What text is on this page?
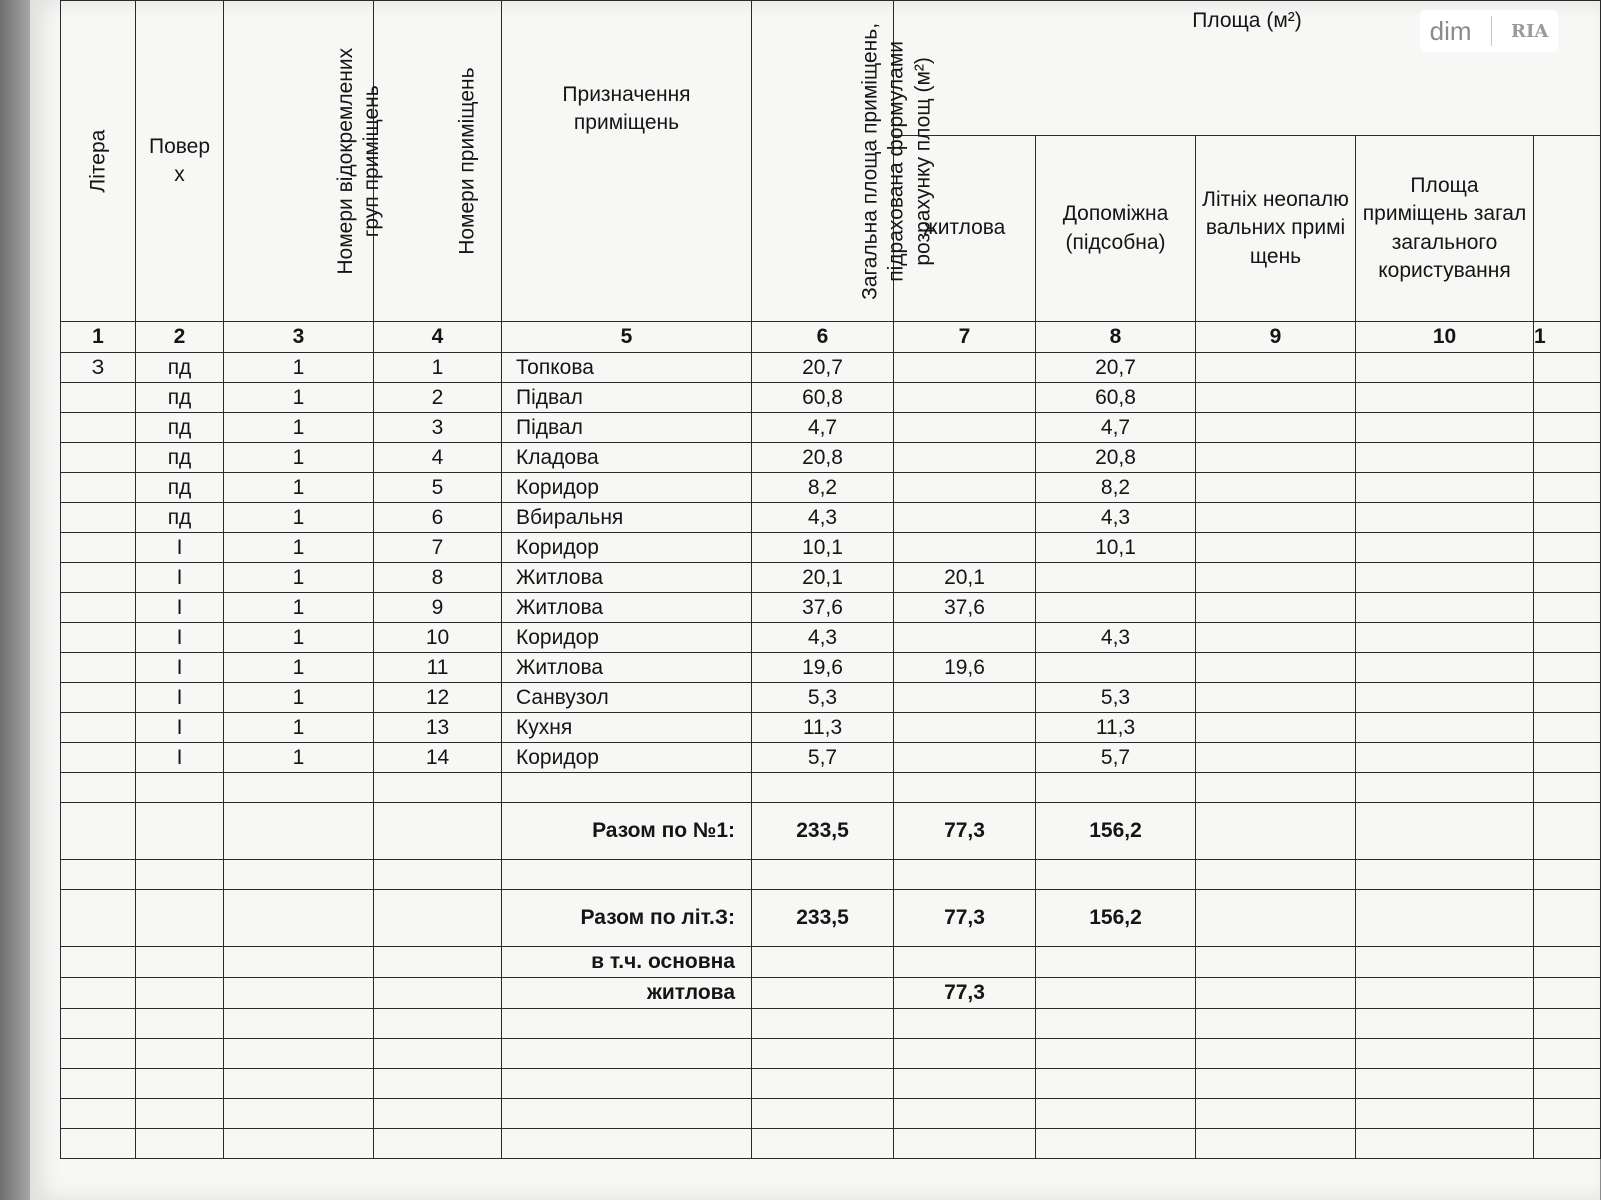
Літера	Поверх	Номери відокремлених груп приміщень	Номери приміщень	Призначення приміщень	Загальна площа приміщень, підрахована формулами розрахунку площ (м²)	Площа (м²)				

						житлова	Допоміжна (підсобна)	Літніх неопалювальних приміщень	Площа приміщень загал загального користування	

1	2	3	4	5	6	7	8	9	10	1
З	пд	1	1	Топкова	20,7		20,7			
	пд	1	2	Підвал	60,8		60,8			
	пд	1	3	Підвал	4,7		4,7			
	пд	1	4	Кладова	20,8		20,8			
	пд	1	5	Коридор	8,2		8,2			
	пд	1	6	Вбиральня	4,3		4,3			
	I	1	7	Коридор	10,1		10,1			
	I	1	8	Житлова	20,1	20,1				
	I	1	9	Житлова	37,6	37,6				
	I	1	10	Коридор	4,3		4,3			
	I	1	11	Житлова	19,6	19,6				
	I	1	12	Санвузол	5,3		5,3			
	I	1	13	Кухня	11,3		11,3			
	I	1	14	Коридор	5,7		5,7			

				Разом по №1:	233,5	77,3	156,2			

				Разом по літ.З:	233,5	77,3	156,2			
				в т.ч. основна						
				житлова		77,3				

dim RIA
